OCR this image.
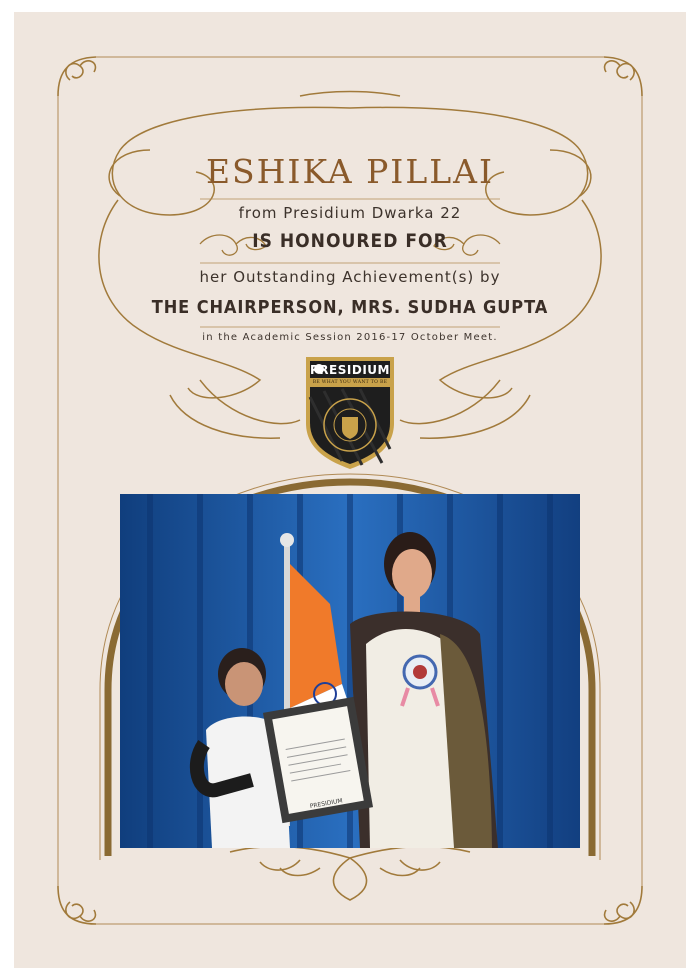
ESHIKA PILLAI
from Presidium Dwarka 22
IS HONOURED FOR
her Outstanding Achievement(s) by
THE CHAIRPERSON, MRS. SUDHA GUPTA
in the Academic Session 2016-17 October Meet.
PRESIDIUM
BE WHAT YOU WANT TO BE
PRESIDIUM
